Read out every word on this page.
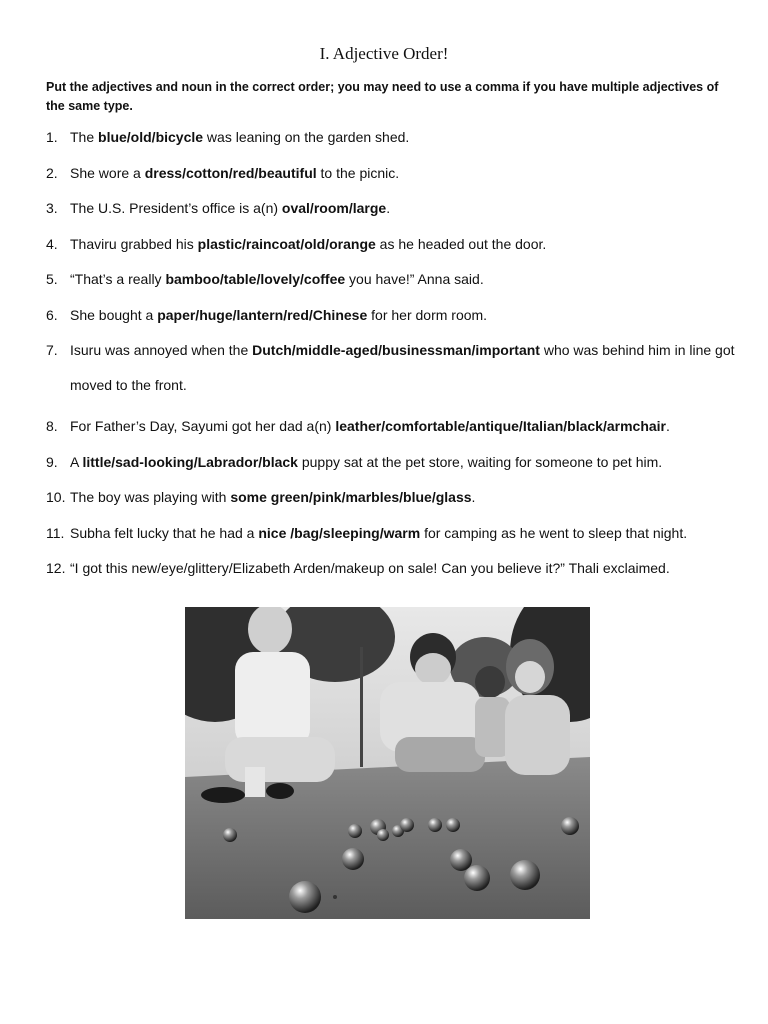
I. Adjective Order!
Put the adjectives and noun in the correct order; you may need to use a comma if you have multiple adjectives of the same type.
1. The blue/old/bicycle was leaning on the garden shed.
2. She wore a dress/cotton/red/beautiful to the picnic.
3. The U.S. President’s office is a(n) oval/room/large.
4. Thaviru grabbed his plastic/raincoat/old/orange as he headed out the door.
5. “That’s a really bamboo/table/lovely/coffee you have!” Anna said.
6. She bought a paper/huge/lantern/red/Chinese for her dorm room.
7. Isuru was annoyed when the Dutch/middle-aged/businessman/important who was behind him in line got moved to the front.
8. For Father’s Day, Sayumi got her dad a(n) leather/comfortable/antique/Italian/black/armchair.
9. A little/sad-looking/Labrador/black puppy sat at the pet store, waiting for someone to pet him.
10. The boy was playing with some green/pink/marbles/blue/glass.
11. Subha felt lucky that he had a nice /bag/sleeping/warm for camping as he went to sleep that night.
12. “I got this new/eye/glittery/Elizabeth Arden/makeup on sale! Can you believe it?” Thali exclaimed.
